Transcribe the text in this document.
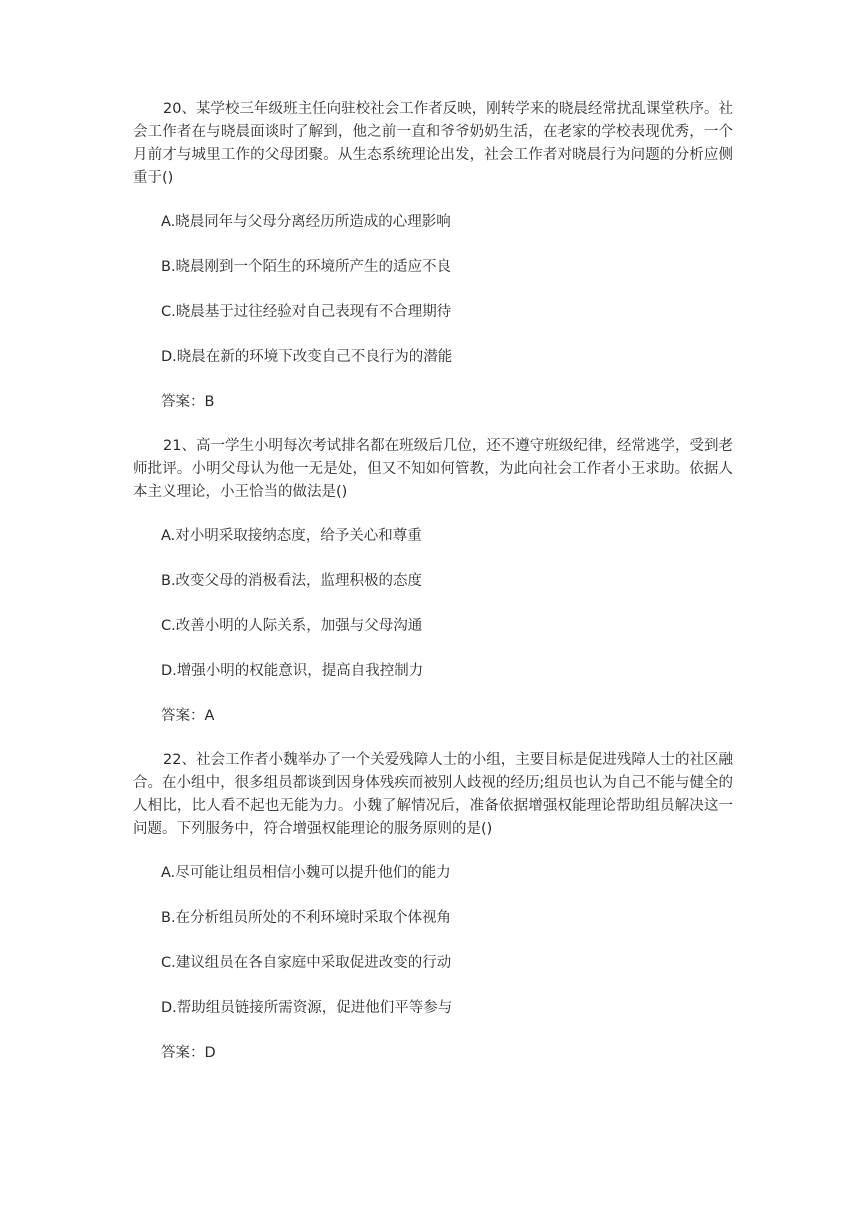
20、某学校三年级班主任向驻校社会工作者反映，刚转学来的晓晨经常扰乱课堂秩序。社会工作者在与晓晨面谈时了解到，他之前一直和爷爷奶奶生活，在老家的学校表现优秀，一个月前才与城里工作的父母团聚。从生态系统理论出发，社会工作者对晓晨行为问题的分析应侧重于()

A.晓晨同年与父母分离经历所造成的心理影响

B.晓晨刚到一个陌生的环境所产生的适应不良

C.晓晨基于过往经验对自己表现有不合理期待

D.晓晨在新的环境下改变自己不良行为的潜能

答案：B

21、高一学生小明每次考试排名都在班级后几位，还不遵守班级纪律，经常逃学，受到老师批评。小明父母认为他一无是处，但又不知如何管教，为此向社会工作者小王求助。依据人本主义理论，小王恰当的做法是()

A.对小明采取接纳态度，给予关心和尊重

B.改变父母的消极看法，监理积极的态度

C.改善小明的人际关系，加强与父母沟通

D.增强小明的权能意识，提高自我控制力

答案：A

22、社会工作者小魏举办了一个关爱残障人士的小组，主要目标是促进残障人士的社区融合。在小组中，很多组员都谈到因身体残疾而被别人歧视的经历;组员也认为自己不能与健全的人相比，比人看不起也无能为力。小魏了解情况后，准备依据增强权能理论帮助组员解决这一问题。下列服务中，符合增强权能理论的服务原则的是()

A.尽可能让组员相信小魏可以提升他们的能力

B.在分析组员所处的不利环境时采取个体视角

C.建议组员在各自家庭中采取促进改变的行动

D.帮助组员链接所需资源，促进他们平等参与

答案：D
